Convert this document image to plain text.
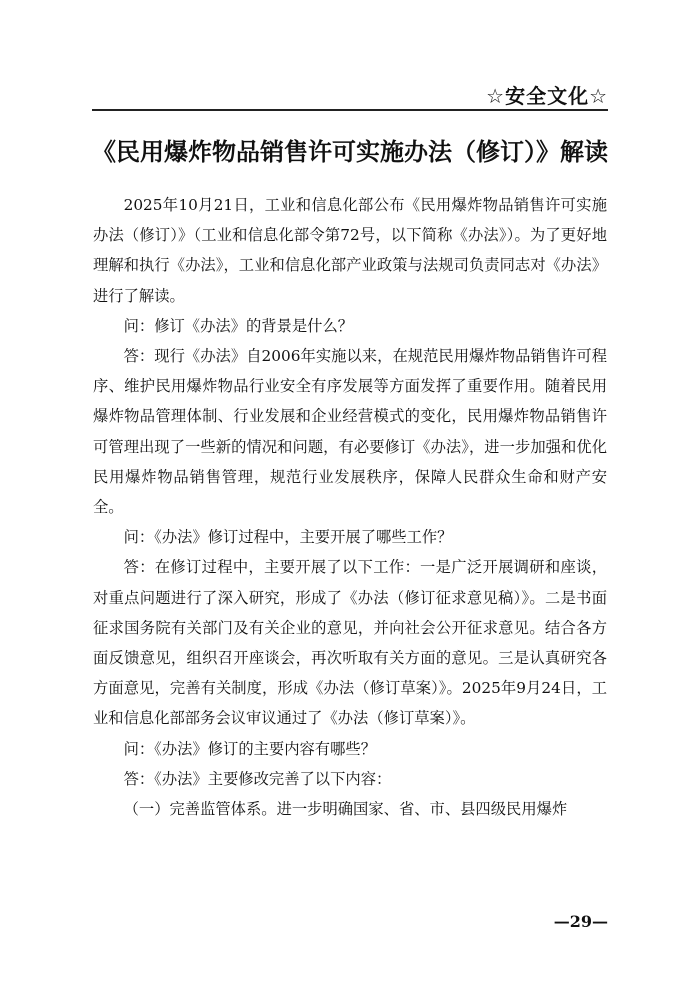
☆安全文化☆
《民用爆炸物品销售许可实施办法（修订）》解读

2025年10月21日，工业和信息化部公布《民用爆炸物品销售许可实施办法（修订）》（工业和信息化部令第72号，以下简称《办法》）。为了更好地理解和执行《办法》，工业和信息化部产业政策与法规司负责同志对《办法》进行了解读。

问：修订《办法》的背景是什么？

答：现行《办法》自2006年实施以来，在规范民用爆炸物品销售许可程序、维护民用爆炸物品行业安全有序发展等方面发挥了重要作用。随着民用爆炸物品管理体制、行业发展和企业经营模式的变化，民用爆炸物品销售许可管理出现了一些新的情况和问题，有必要修订《办法》，进一步加强和优化民用爆炸物品销售管理，规范行业发展秩序，保障人民群众生命和财产安全。

问：《办法》修订过程中，主要开展了哪些工作？

答：在修订过程中，主要开展了以下工作：一是广泛开展调研和座谈，对重点问题进行了深入研究，形成了《办法（修订征求意见稿）》。二是书面征求国务院有关部门及有关企业的意见，并向社会公开征求意见。结合各方面反馈意见，组织召开座谈会，再次听取有关方面的意见。三是认真研究各方面意见，完善有关制度，形成《办法（修订草案）》。2025年9月24日，工业和信息化部部务会议审议通过了《办法（修订草案）》。

问：《办法》修订的主要内容有哪些？

答：《办法》主要修改完善了以下内容：

（一）完善监管体系。进一步明确国家、省、市、县四级民用爆炸

—29—
